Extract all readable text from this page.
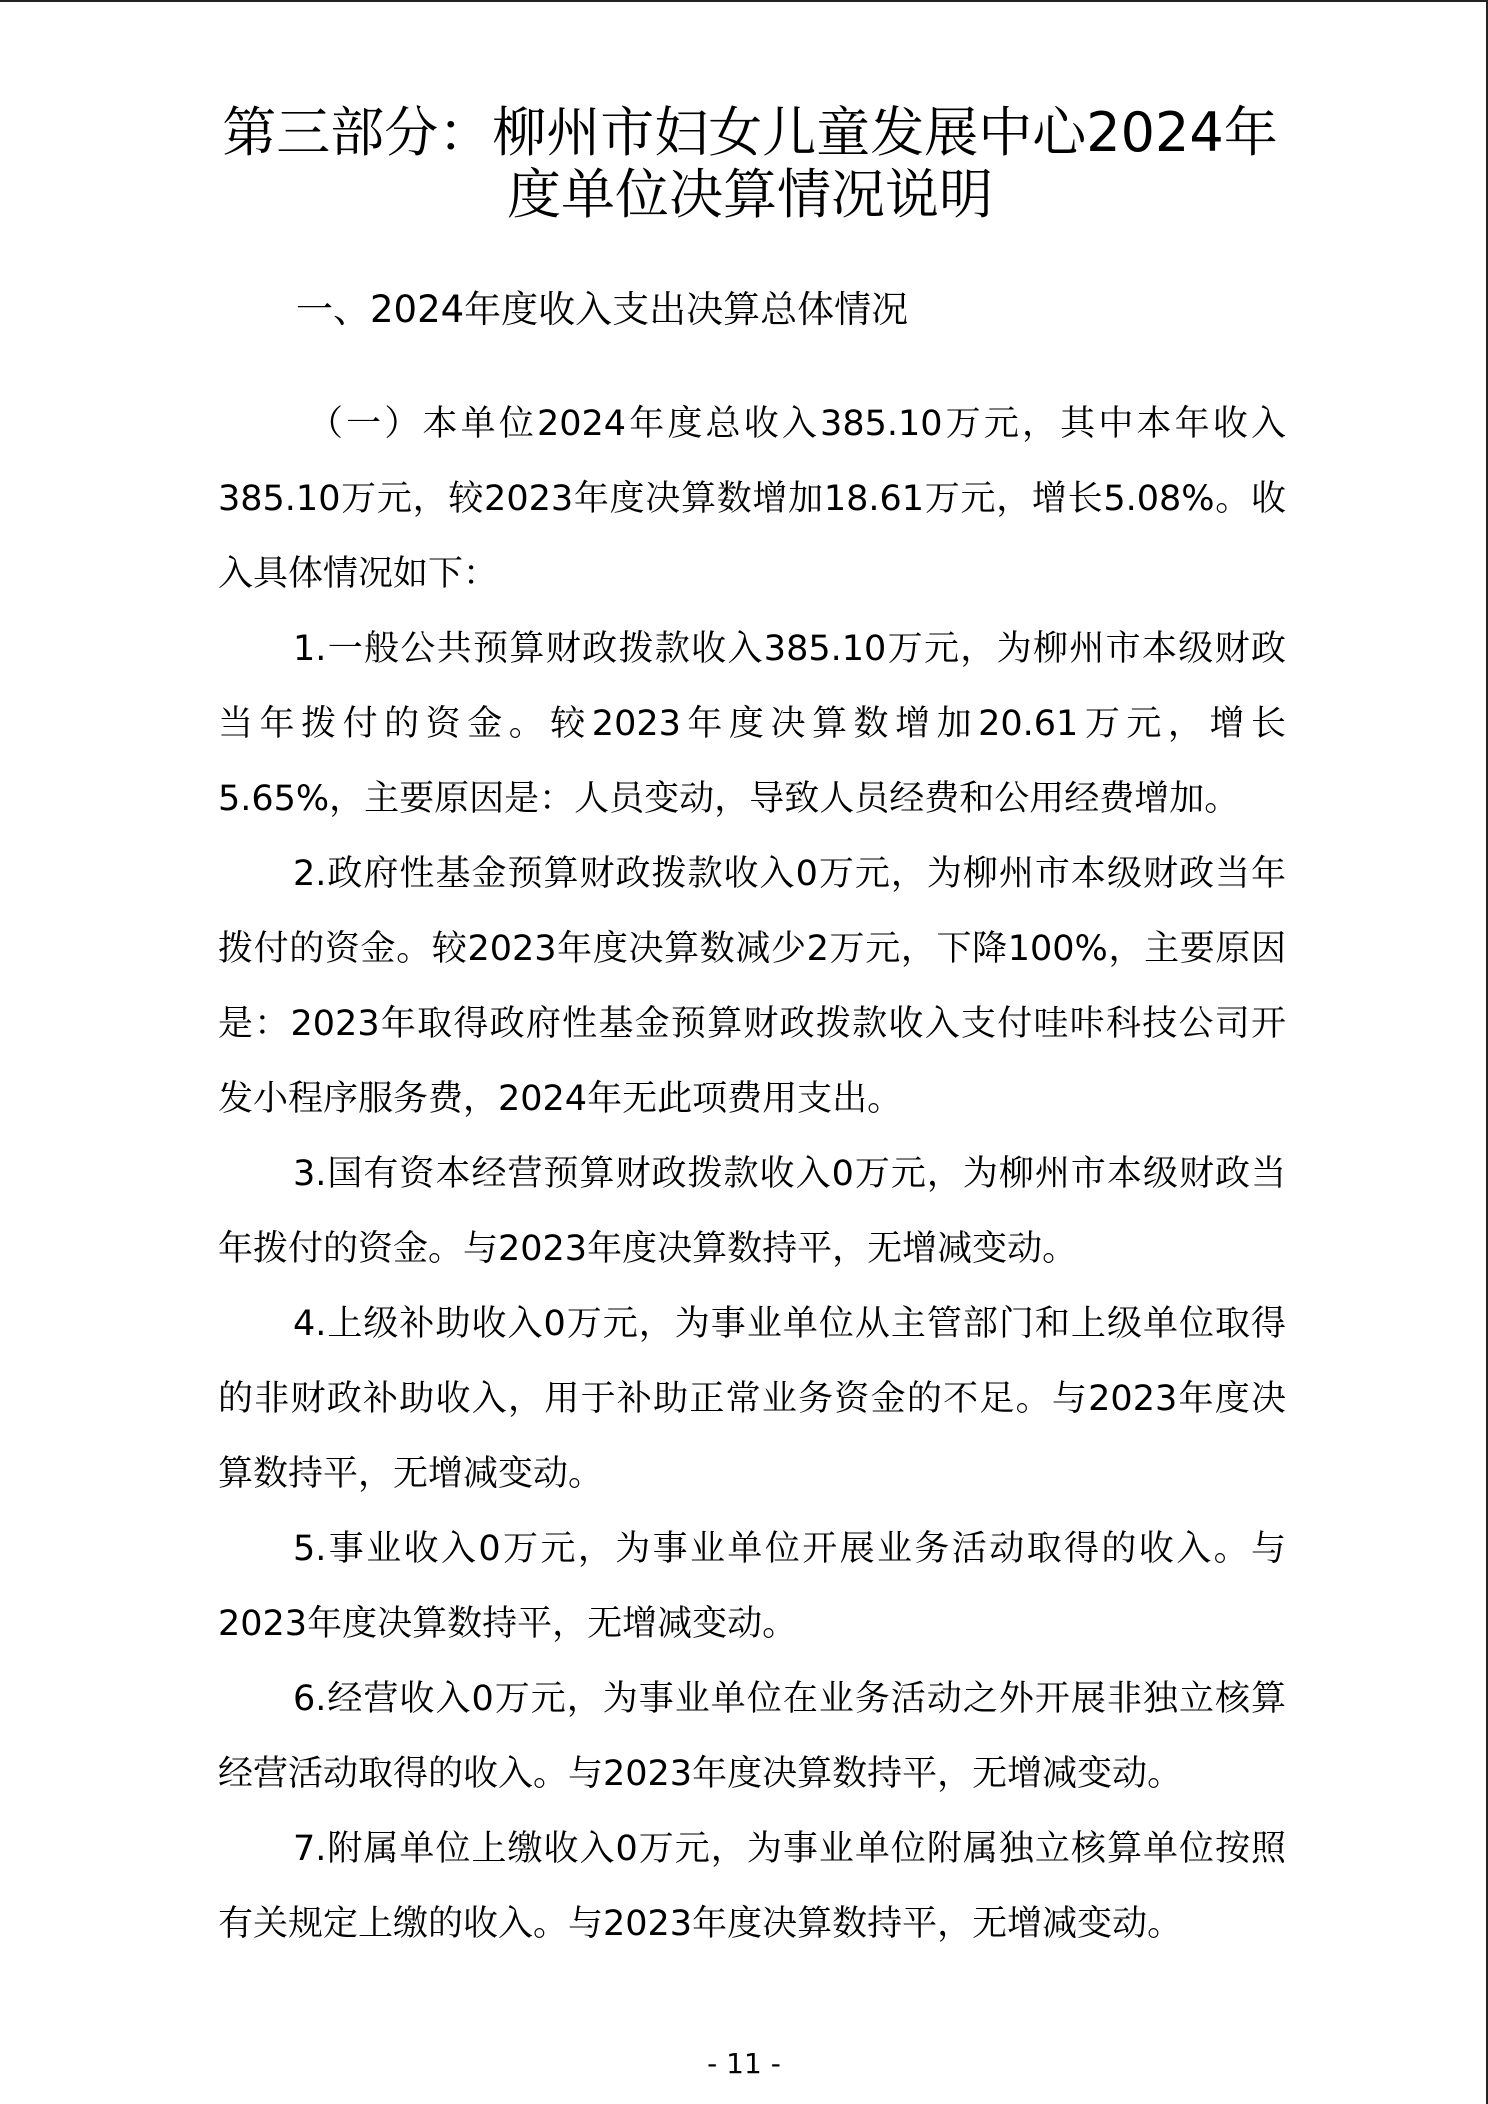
第三部分：柳州市妇女儿童发展中心2024年
度单位决算情况说明
一、2024年度收入支出决算总体情况

（一）本单位2024年度总收入385.10万元，其中本年收入385.10万元，较2023年度决算数增加18.61万元，增长5.08%。收入具体情况如下：

1.一般公共预算财政拨款收入385.10万元，为柳州市本级财政当年拨付的资金。较2023年度决算数增加20.61万元，增长5.65%，主要原因是：人员变动，导致人员经费和公用经费增加。

2.政府性基金预算财政拨款收入0万元，为柳州市本级财政当年拨付的资金。较2023年度决算数减少2万元，下降100%，主要原因是：2023年取得政府性基金预算财政拨款收入支付哇咔科技公司开发小程序服务费，2024年无此项费用支出。

3.国有资本经营预算财政拨款收入0万元，为柳州市本级财政当年拨付的资金。与2023年度决算数持平，无增减变动。

4.上级补助收入0万元，为事业单位从主管部门和上级单位取得的非财政补助收入，用于补助正常业务资金的不足。与2023年度决算数持平，无增减变动。

5.事业收入0万元，为事业单位开展业务活动取得的收入。与2023年度决算数持平，无增减变动。

6.经营收入0万元，为事业单位在业务活动之外开展非独立核算经营活动取得的收入。与2023年度决算数持平，无增减变动。

7.附属单位上缴收入0万元，为事业单位附属独立核算单位按照有关规定上缴的收入。与2023年度决算数持平，无增减变动。

- 11 -
